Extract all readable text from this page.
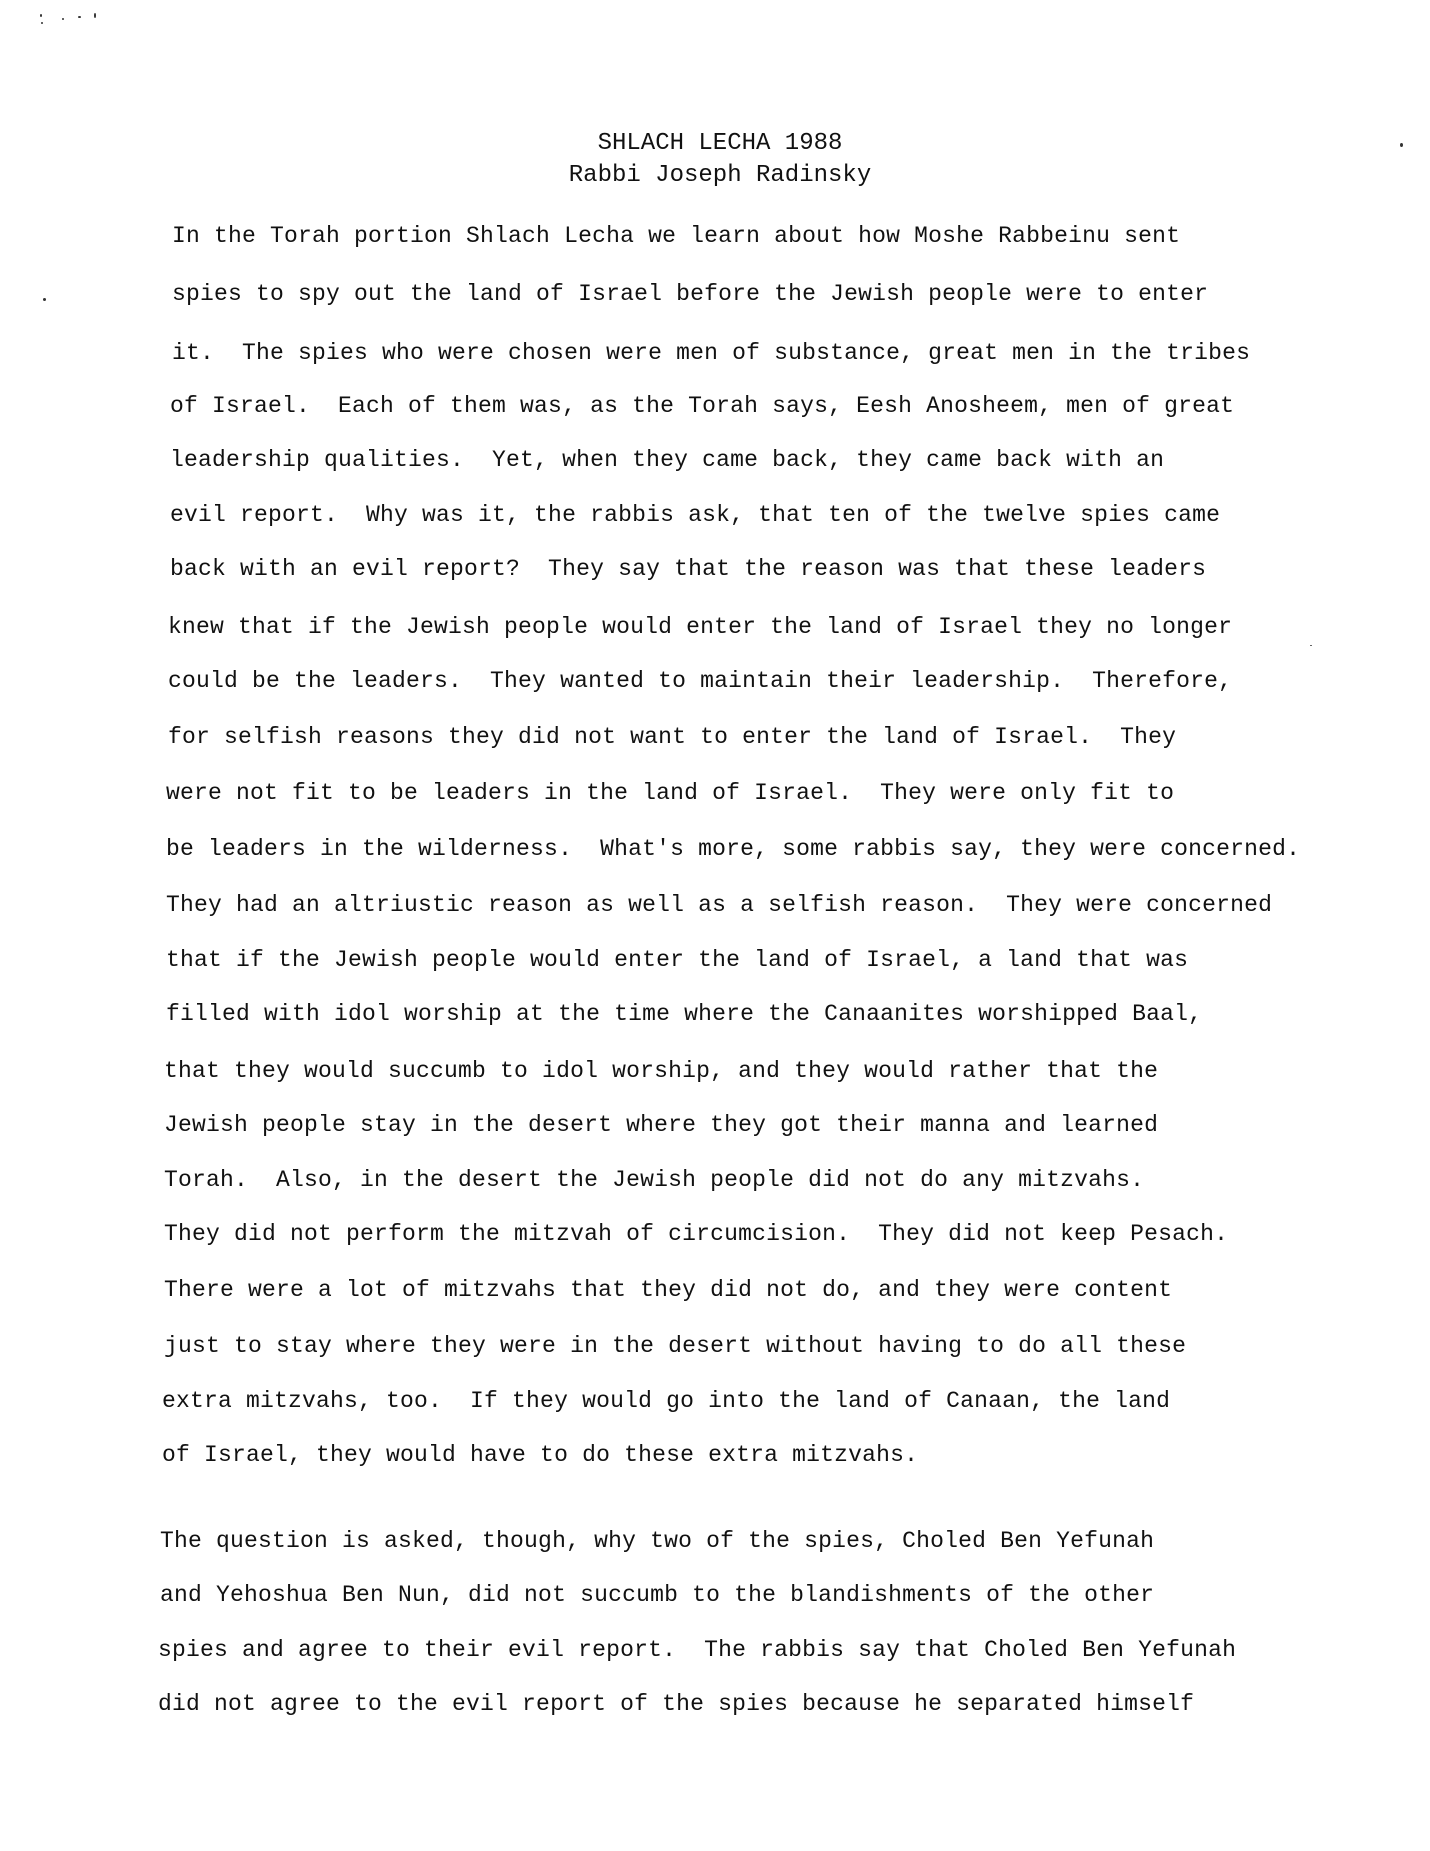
SHLACH LECHA 1988
Rabbi Joseph Radinsky
In the Torah portion Shlach Lecha we learn about how Moshe Rabbeinu sent
spies to spy out the land of Israel before the Jewish people were to enter
it.  The spies who were chosen were men of substance, great men in the tribes
of Israel.  Each of them was, as the Torah says, Eesh Anosheem, men of great
leadership qualities.  Yet, when they came back, they came back with an
evil report.  Why was it, the rabbis ask, that ten of the twelve spies came
back with an evil report?  They say that the reason was that these leaders
knew that if the Jewish people would enter the land of Israel they no longer
could be the leaders.  They wanted to maintain their leadership.  Therefore,
for selfish reasons they did not want to enter the land of Israel.  They
were not fit to be leaders in the land of Israel.  They were only fit to
be leaders in the wilderness.  What's more, some rabbis say, they were concerned.
They had an altriustic reason as well as a selfish reason.  They were concerned
that if the Jewish people would enter the land of Israel, a land that was
filled with idol worship at the time where the Canaanites worshipped Baal,
that they would succumb to idol worship, and they would rather that the
Jewish people stay in the desert where they got their manna and learned
Torah.  Also, in the desert the Jewish people did not do any mitzvahs.
They did not perform the mitzvah of circumcision.  They did not keep Pesach.
There were a lot of mitzvahs that they did not do, and they were content
just to stay where they were in the desert without having to do all these
extra mitzvahs, too.  If they would go into the land of Canaan, the land
of Israel, they would have to do these extra mitzvahs.
The question is asked, though, why two of the spies, Choled Ben Yefunah
and Yehoshua Ben Nun, did not succumb to the blandishments of the other
spies and agree to their evil report.  The rabbis say that Choled Ben Yefunah
did not agree to the evil report of the spies because he separated himself
